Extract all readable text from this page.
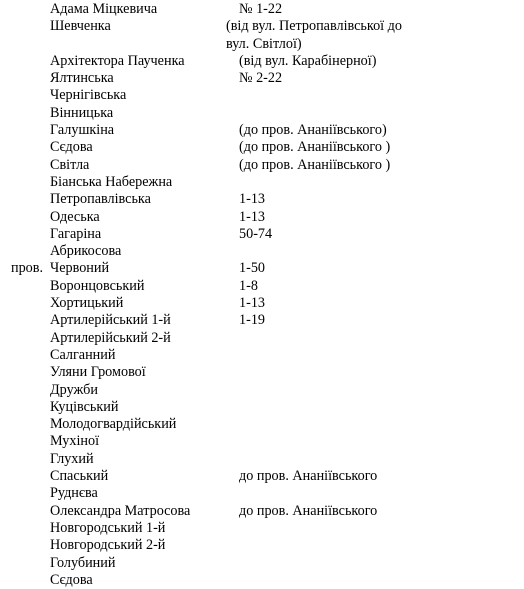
Адама Міцкевича	№ 1-22
Шевченка	(від вул. Петропавлівської до вул. Світлої)
Архітектора Паученка	(від вул. Карабінерної)
Ялтинська	№ 2-22
Чернігівська
Вінницька
Галушкіна	(до пров. Ананіївського)
Сєдова	(до пров. Ананіївського )
Світла	(до пров. Ананіївського )
Біанська Набережна
Петропавлівська	1-13
Одеська	1-13
Гагаріна	50-74
Абрикосова
пров. Червоний	1-50
Воронцовський	1-8
Хортицький	1-13
Артилерійський 1-й	1-19
Артилерійський 2-й
Салганний
Уляни Громової
Дружби
Куцівський
Молодогвардійський
Мухіної
Глухий
Спаський	до пров. Ананіївського
Руднєва
Олександра Матросова	до пров. Ананіївського
Новгородський 1-й
Новгородський 2-й
Голубиний
Сєдова
